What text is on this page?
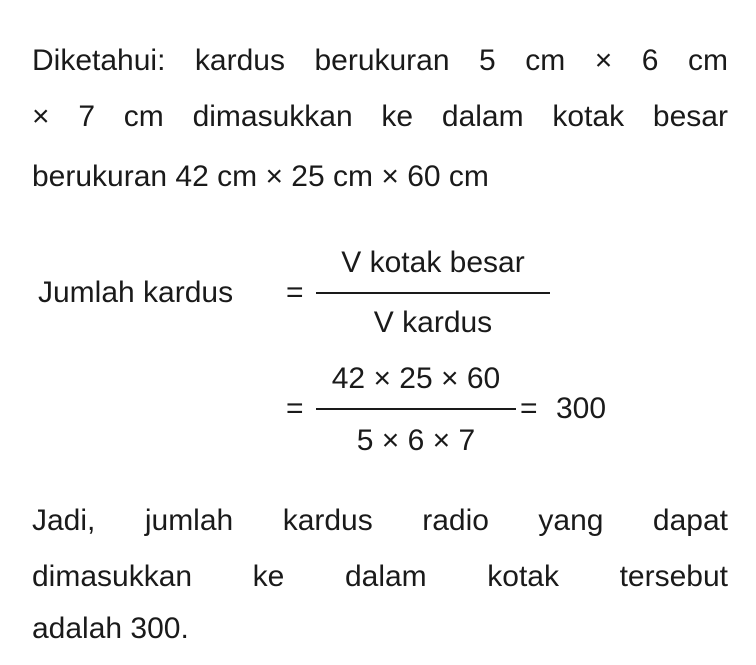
Diketahui: kardus berukuran 5 cm × 6 cm
× 7 cm dimasukkan ke dalam kotak besar
berukuran 42 cm × 25 cm × 60 cm
Jumlah kardus =
V kotak besar
V kardus
=
42 × 25 × 60
5 × 6 × 7
= 300
Jadi, jumlah kardus radio yang dapat
dimasukkan ke dalam kotak tersebut
adalah 300.
